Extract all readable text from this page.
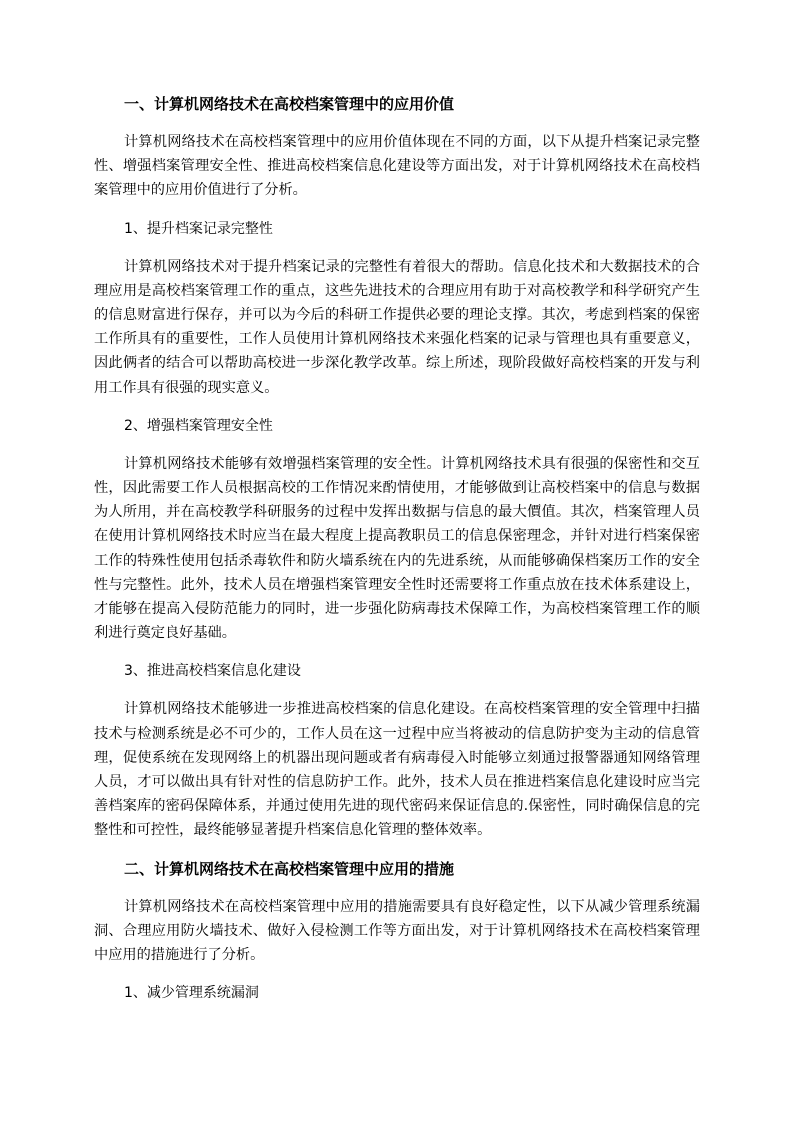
一、计算机网络技术在高校档案管理中的应用价值
计算机网络技术在高校档案管理中的应用价值体现在不同的方面，以下从提升档案记录完整性、增强档案管理安全性、推进高校档案信息化建设等方面出发，对于计算机网络技术在高校档案管理中的应用价值进行了分析。
1、提升档案记录完整性
计算机网络技术对于提升档案记录的完整性有着很大的帮助。信息化技术和大数据技术的合理应用是高校档案管理工作的重点，这些先进技术的合理应用有助于对高校教学和科学研究产生的信息财富进行保存，并可以为今后的科研工作提供必要的理论支撑。其次，考虑到档案的保密工作所具有的重要性，工作人员使用计算机网络技术来强化档案的记录与管理也具有重要意义，因此俩者的结合可以帮助高校进一步深化教学改革。综上所述，现阶段做好高校档案的开发与利用工作具有很强的现实意义。
2、增强档案管理安全性
计算机网络技术能够有效增强档案管理的安全性。计算机网络技术具有很强的保密性和交互性，因此需要工作人员根据高校的工作情况来酌情使用，才能够做到让高校档案中的信息与数据为人所用，并在高校教学科研服务的过程中发挥出数据与信息的最大價值。其次，档案管理人员在使用计算机网络技术时应当在最大程度上提高教职员工的信息保密理念，并针对进行档案保密工作的特殊性使用包括杀毒软件和防火墙系统在内的先进系统，从而能够确保档案历工作的安全性与完整性。此外，技术人员在增强档案管理安全性时还需要将工作重点放在技术体系建设上，才能够在提高入侵防范能力的同时，进一步强化防病毒技术保障工作，为高校档案管理工作的顺利进行奠定良好基础。
3、推进高校档案信息化建设
计算机网络技术能够进一步推进高校档案的信息化建设。在高校档案管理的安全管理中扫描技术与检测系统是必不可少的，工作人员在这一过程中应当将被动的信息防护变为主动的信息管理，促使系统在发现网络上的机器出现问题或者有病毒侵入时能够立刻通过报警器通知网络管理人员，才可以做出具有针对性的信息防护工作。此外，技术人员在推进档案信息化建设时应当完善档案库的密码保障体系，并通过使用先进的现代密码来保证信息的.保密性，同时确保信息的完整性和可控性，最终能够显著提升档案信息化管理的整体效率。
二、计算机网络技术在高校档案管理中应用的措施
计算机网络技术在高校档案管理中应用的措施需要具有良好稳定性，以下从减少管理系统漏洞、合理应用防火墙技术、做好入侵检测工作等方面出发，对于计算机网络技术在高校档案管理中应用的措施进行了分析。
1、减少管理系统漏洞
